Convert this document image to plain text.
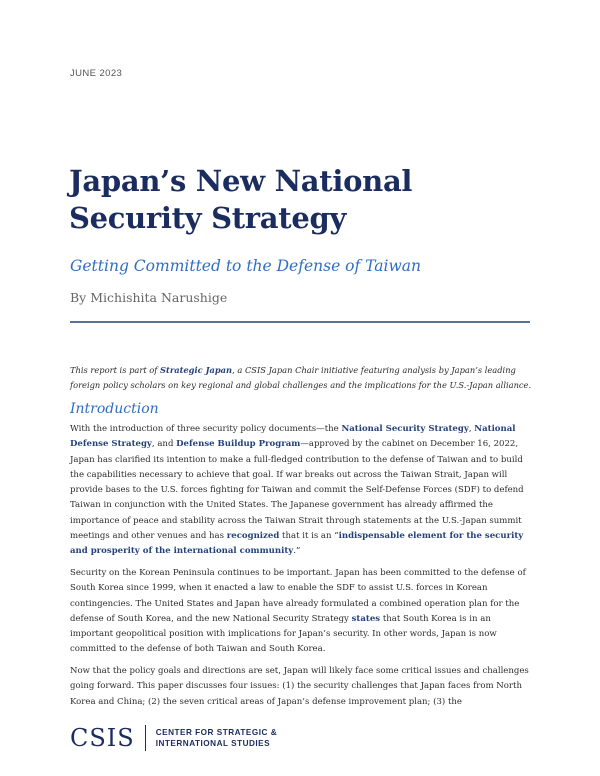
JUNE 2023
Japan’s New National Security Strategy
Getting Committed to the Defense of Taiwan
By Michishita Narushige
This report is part of Strategic Japan, a CSIS Japan Chair initiative featuring analysis by Japan’s leading foreign policy scholars on key regional and global challenges and the implications for the U.S.-Japan alliance.
Introduction

With the introduction of three security policy documents—the National Security Strategy, National Defense Strategy, and Defense Buildup Program—approved by the cabinet on December 16, 2022, Japan has clarified its intention to make a full-fledged contribution to the defense of Taiwan and to build the capabilities necessary to achieve that goal. If war breaks out across the Taiwan Strait, Japan will provide bases to the U.S. forces fighting for Taiwan and commit the Self-Defense Forces (SDF) to defend Taiwan in conjunction with the United States. The Japanese government has already affirmed the importance of peace and stability across the Taiwan Strait through statements at the U.S.-Japan summit meetings and other venues and has recognized that it is an “indispensable element for the security and prosperity of the international community.”

Security on the Korean Peninsula continues to be important. Japan has been committed to the defense of South Korea since 1999, when it enacted a law to enable the SDF to assist U.S. forces in Korean contingencies. The United States and Japan have already formulated a combined operation plan for the defense of South Korea, and the new National Security Strategy states that South Korea is in an important geopolitical position with implications for Japan’s security. In other words, Japan is now committed to the defense of both Taiwan and South Korea.

Now that the policy goals and directions are set, Japan will likely face some critical issues and challenges going forward. This paper discusses four issues: (1) the security challenges that Japan faces from North Korea and China; (2) the seven critical areas of Japan’s defense improvement plan; (3) the

CSIS	CENTER FOR STRATEGIC &
INTERNATIONAL STUDIES
